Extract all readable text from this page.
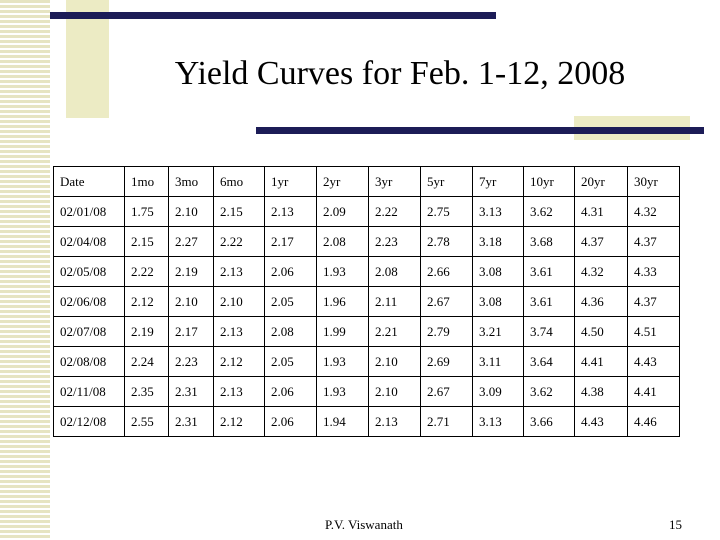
Yield Curves for Feb. 1-12, 2008
Date	1mo	3mo	6mo	1yr	2yr	3yr	5yr	7yr	10yr	20yr	30yr
02/01/08	1.75	2.10	2.15	2.13	2.09	2.22	2.75	3.13	3.62	4.31	4.32
02/04/08	2.15	2.27	2.22	2.17	2.08	2.23	2.78	3.18	3.68	4.37	4.37
02/05/08	2.22	2.19	2.13	2.06	1.93	2.08	2.66	3.08	3.61	4.32	4.33
02/06/08	2.12	2.10	2.10	2.05	1.96	2.11	2.67	3.08	3.61	4.36	4.37
02/07/08	2.19	2.17	2.13	2.08	1.99	2.21	2.79	3.21	3.74	4.50	4.51
02/08/08	2.24	2.23	2.12	2.05	1.93	2.10	2.69	3.11	3.64	4.41	4.43
02/11/08	2.35	2.31	2.13	2.06	1.93	2.10	2.67	3.09	3.62	4.38	4.41
02/12/08	2.55	2.31	2.12	2.06	1.94	2.13	2.71	3.13	3.66	4.43	4.46
P.V. Viswanath	15
